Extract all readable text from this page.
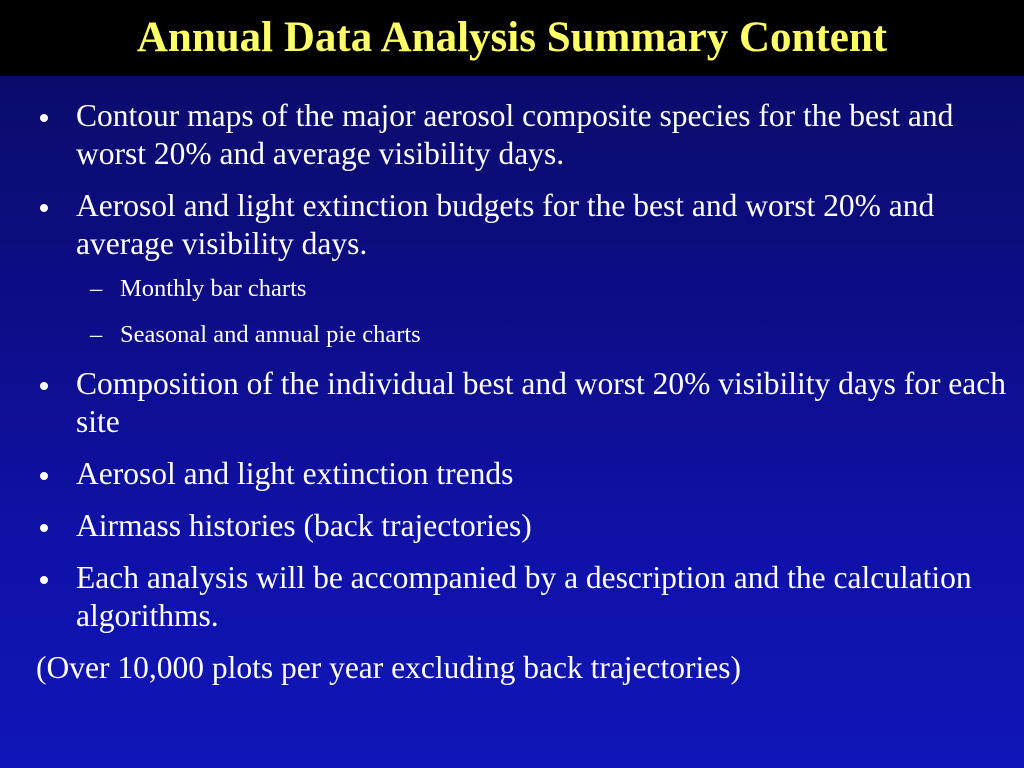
Annual Data Analysis Summary Content
Contour maps of the major aerosol composite species for the best and worst 20% and average visibility days.
Aerosol and light extinction budgets for the best and worst 20% and average visibility days.
– Monthly bar charts
– Seasonal and annual pie charts
Composition of the individual best and worst 20% visibility days for each site
Aerosol and light extinction trends
Airmass histories (back trajectories)
Each analysis will be accompanied by a description and the calculation algorithms.
(Over 10,000 plots per year excluding back trajectories)
